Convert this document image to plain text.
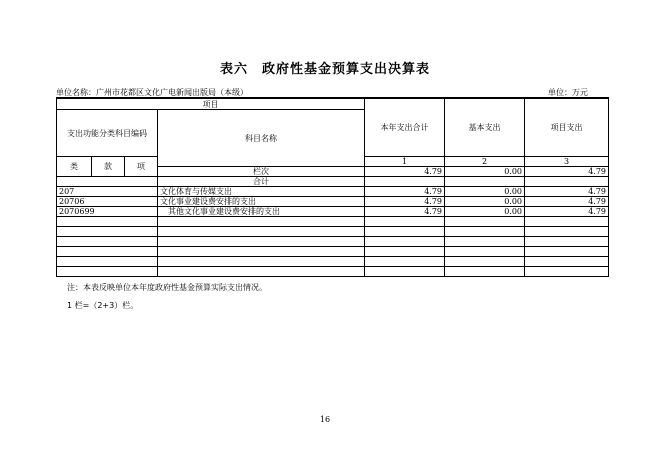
表六　政府性基金预算支出决算表
单位名称：广州市花都区文化广电新闻出版局（本级）	单位：万元
项目				本年支出合计	基本支出	项目支出
支出功能分类科目编码			科目名称			
类	款	项		1	2	3
			栏次	4.79	0.00	4.79
			合计			
207			文化体育与传媒支出	4.79	0.00	4.79
20706			文化事业建设费安排的支出	4.79	0.00	4.79
2070699			　其他文化事业建设费安排的支出	4.79	0.00	4.79

注：本表反映单位本年度政府性基金预算实际支出情况。
1 栏=（2+3）栏。
16
